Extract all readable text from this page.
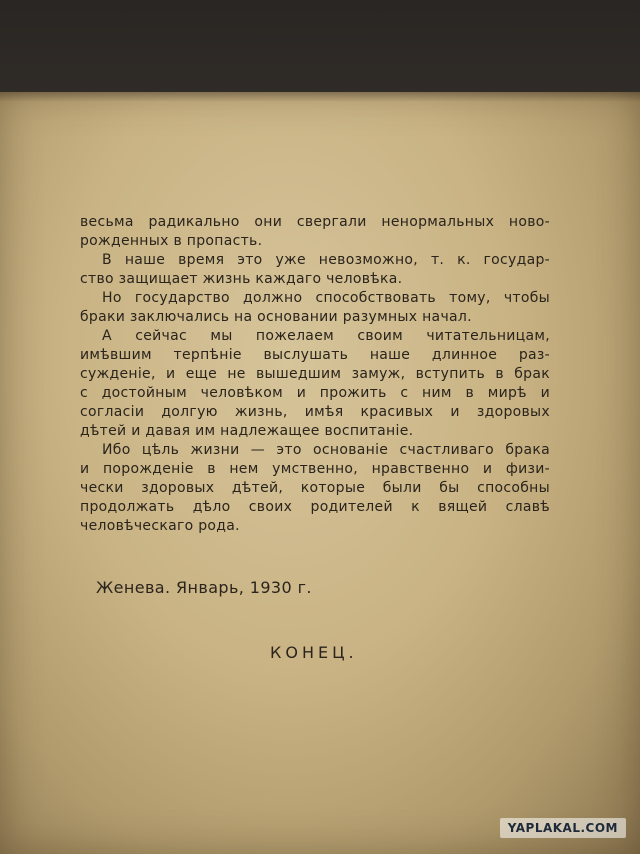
весьма радикально они свергали ненормальных ново-
рожденных в пропасть.
В наше время это уже невозможно, т. к. государ-
ство защищает жизнь каждаго человѣка.
Но государство должно способствовать тому, чтобы
браки заключались на основании разумных начал.
А сейчас мы пожелаем своим читательницам,
имѣвшим терпѣніе выслушать наше длинное раз-
сужденіе, и еще не вышедшим замуж, вступить в брак
с достойным человѣком и прожить с ним в мирѣ и
согласіи долгую жизнь, имѣя красивых и здоровых
дѣтей и давая им надлежащее воспитаніе.
Ибо цѣль жизни — это основаніе счастливаго брака
и порожденіе в нем умственно, нравственно и физи-
чески здоровых дѣтей, которые были бы способны
продолжать дѣло своих родителей к вящей славѣ
человѣческаго рода.
Женева. Январь, 1930 г.
КОНЕЦ.
YAPLAKAL.COM
